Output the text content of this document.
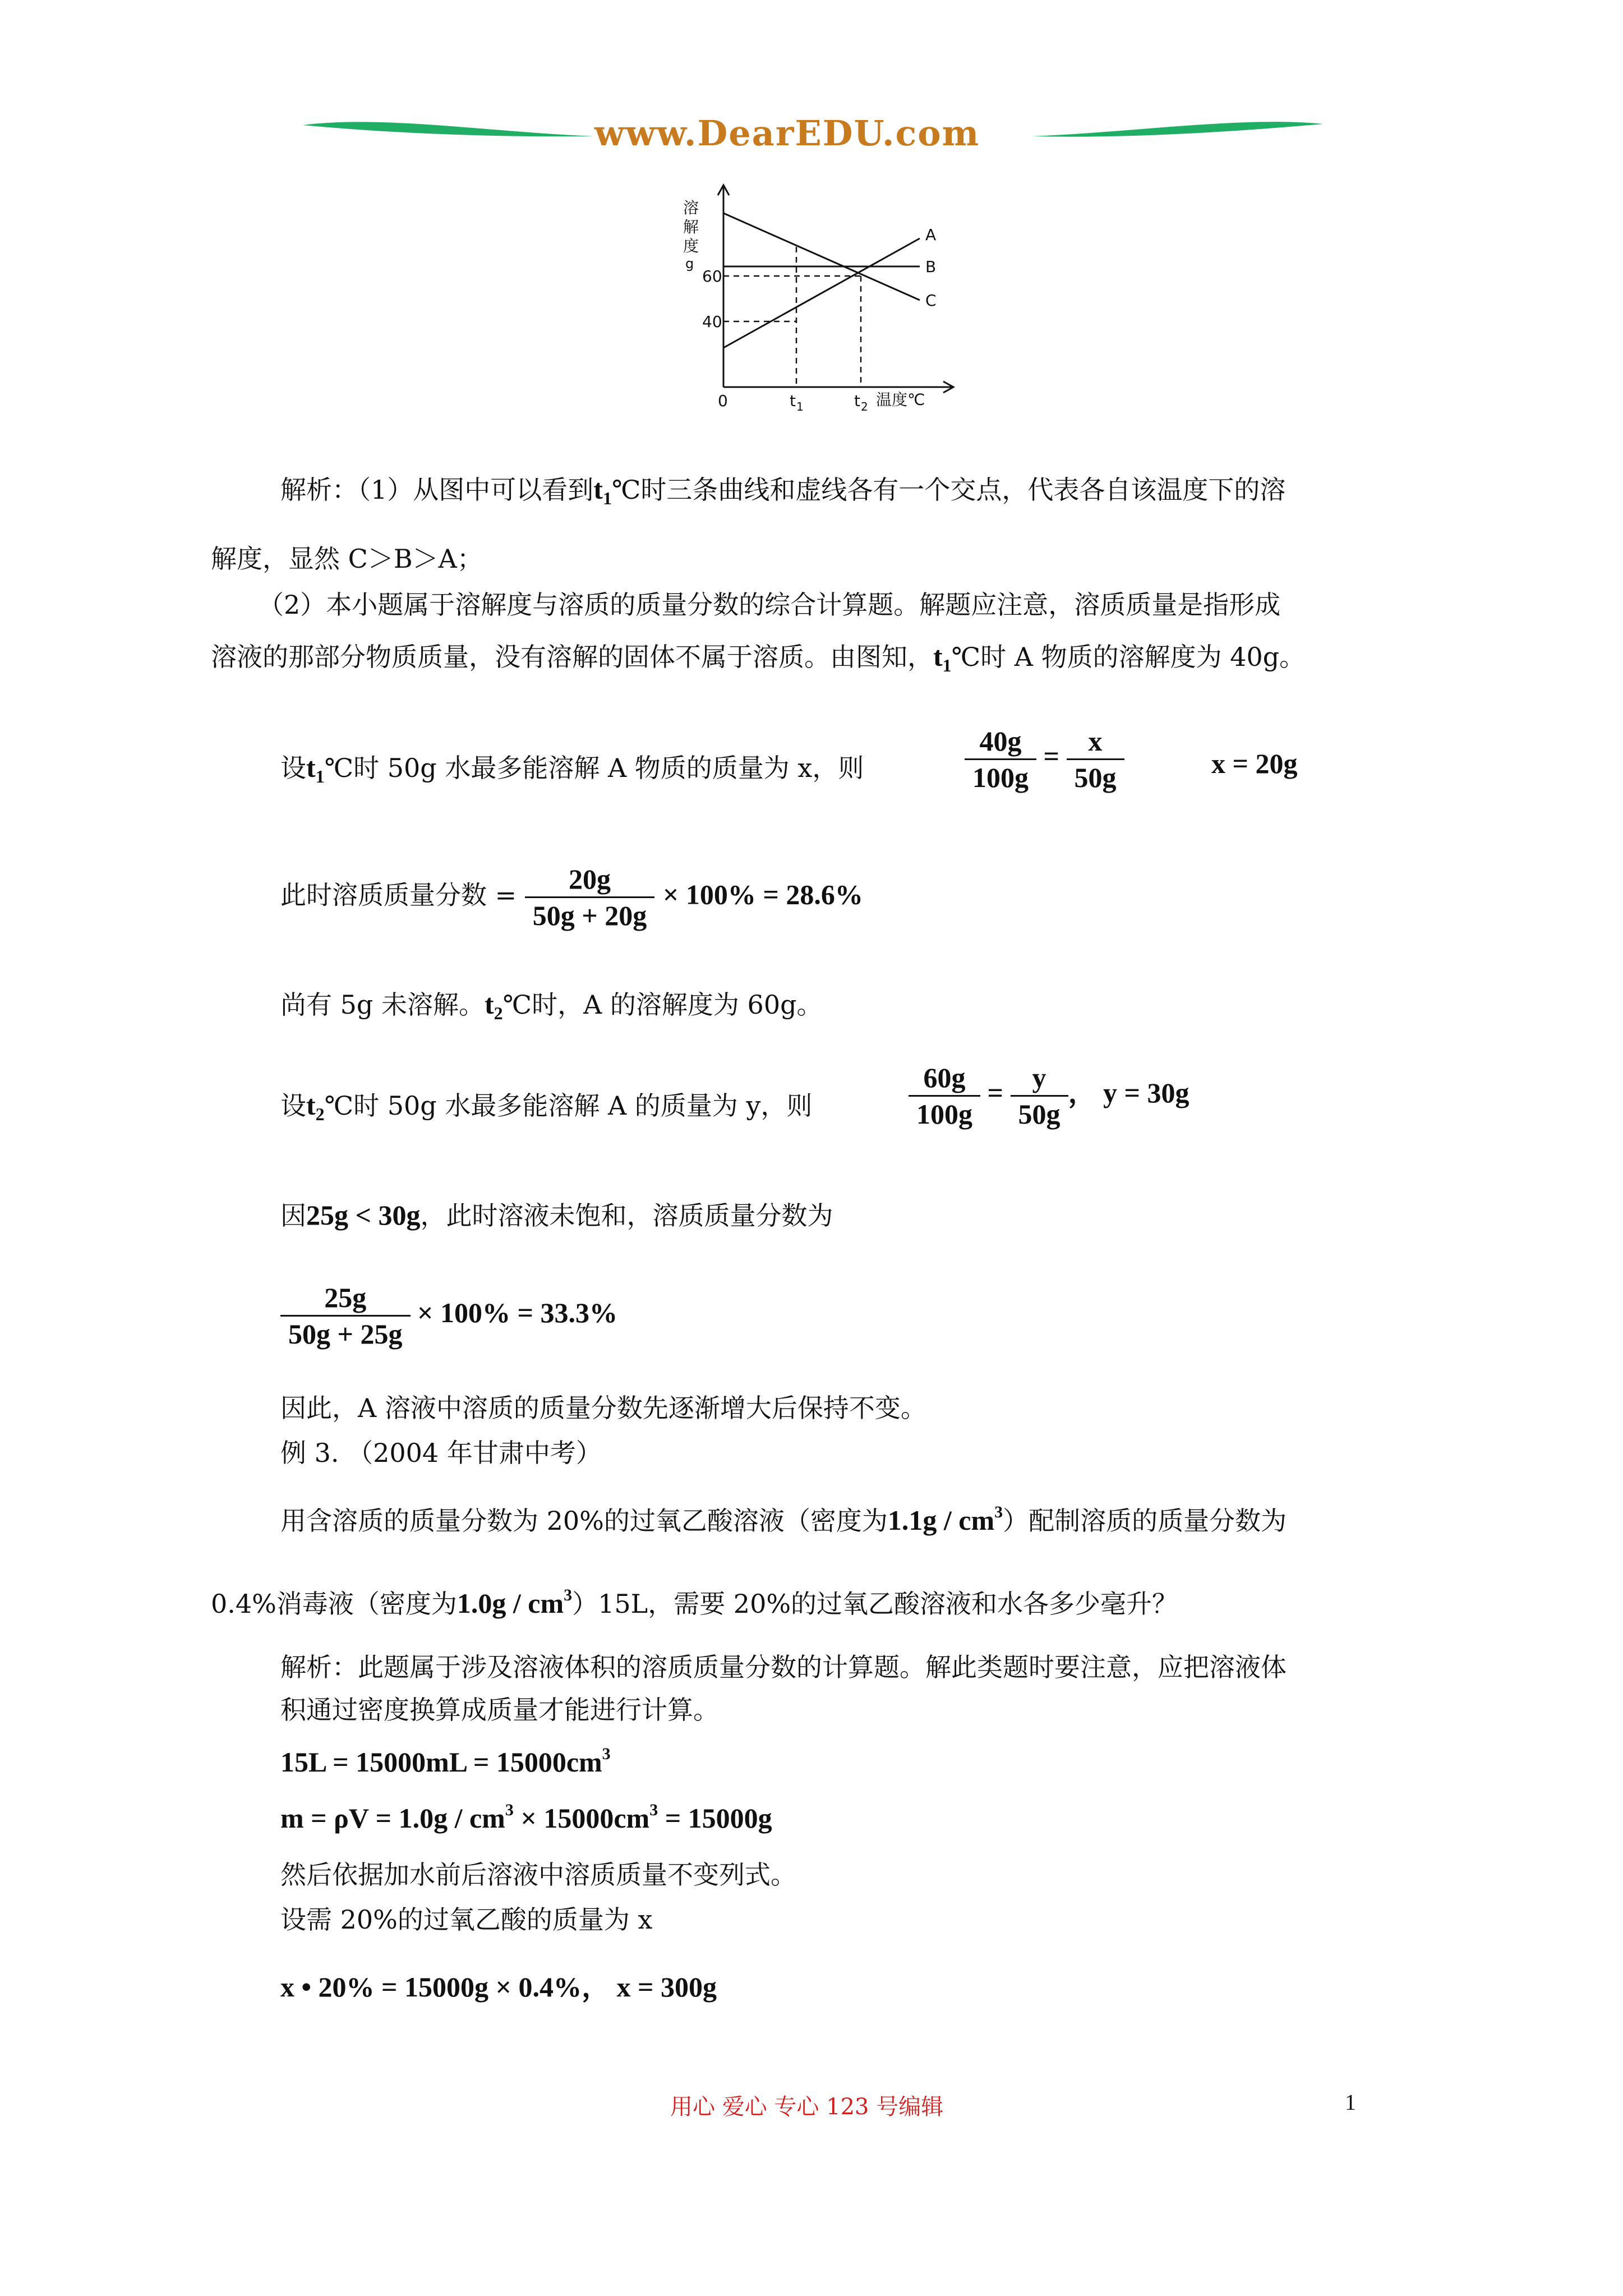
www.DearEDU.com
溶
解
度
g
60
40
0	t 1	t 2 温度℃
A
B
C
解析：（1）从图中可以看到$t_1℃$时三条曲线和虚线各有一个交点，代表各自该温度下的溶
解度，显然 C＞B＞A；
（2）本小题属于溶解度与溶质的质量分数的综合计算题。解题应注意，溶质质量是指形成
溶液的那部分物质质量，没有溶解的固体不属于溶质。由图知，$t_1℃$时 A 物质的溶解度为 40g。
设$t_1℃$时 50g 水最多能溶解 A 物质的质量为 x，则	$\frac{40g}{100g} = \frac{x}{50g}$	x = 20g
此时溶质质量分数 = $\frac{20g}{50g + 20g} \times 100\% = 28.6\%$
尚有 5g 未溶解。$t_2℃$时，A 的溶解度为 60g。
设$t_2℃$时 50g 水最多能溶解 A 的质量为 y，则	$\frac{60g}{100g} = \frac{y}{50g}$ ， y = 30g
因25g < 30g，此时溶液未饱和，溶质质量分数为
$\frac{25g}{50g + 25g} \times 100\% = 33.3\%$
因此，A 溶液中溶质的质量分数先逐渐增大后保持不变。
例 3. （2004 年甘肃中考）
用含溶质的质量分数为 20%的过氧乙酸溶液（密度为$1.1g / cm^3$）配制溶质的质量分数为
0.4%消毒液（密度为$1.0g / cm^3)15L$，需要 20%的过氧乙酸溶液和水各多少毫升？
解析：此题属于涉及溶液体积的溶质质量分数的计算题。解此类题时要注意，应把溶液体
积通过密度换算成质量才能进行计算。
$15L = 15000mL = 15000cm^3$
$m = \rho V = 1.0g / cm^3 \times 15000cm^3 = 15000g$
然后依据加水前后溶液中溶质质量不变列式。
设需 20%的过氧乙酸的质量为 x
x • 20% = 15000g × 0.4%， x = 300g
用心 爱心 专心 123 号编辑	1
